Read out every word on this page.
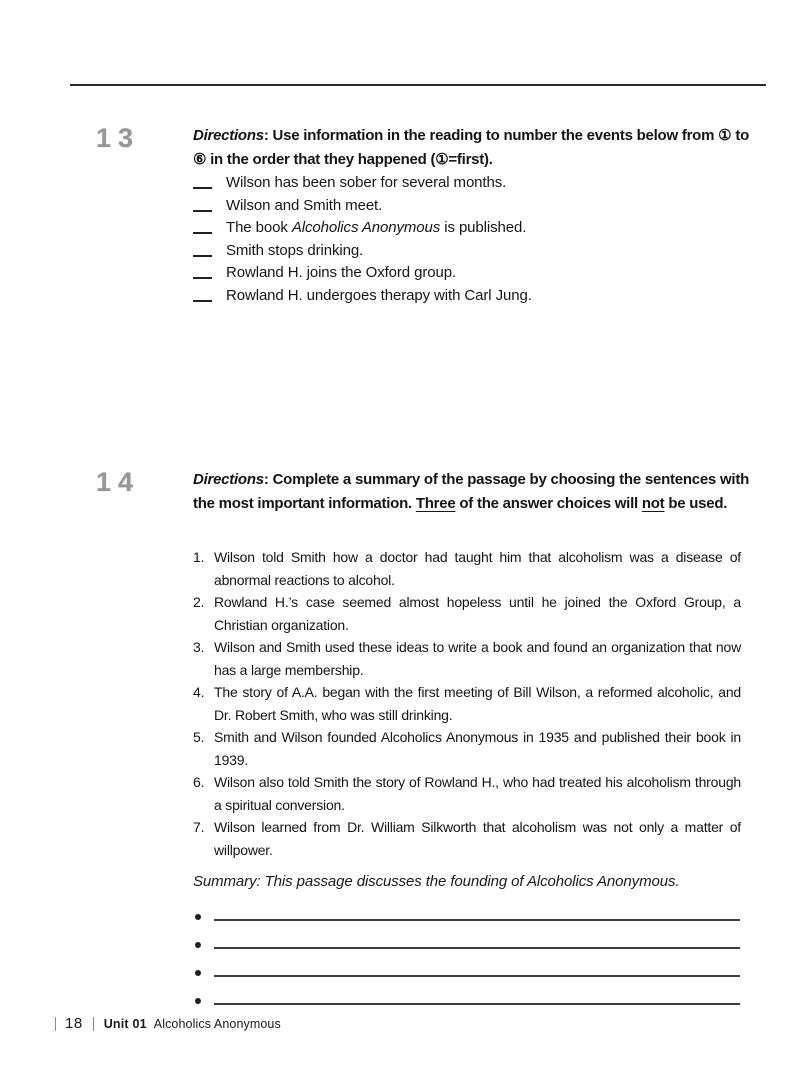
13	Directions: Use information in the reading to number the events below from ① to ⑥ in the order that they happened (①=first).
Wilson has been sober for several months.
Wilson and Smith meet.
The book Alcoholics Anonymous is published.
Smith stops drinking.
Rowland H. joins the Oxford group.
Rowland H. undergoes therapy with Carl Jung.
14	Directions: Complete a summary of the passage by choosing the sentences with the most important information. Three of the answer choices will not be used.
1. Wilson told Smith how a doctor had taught him that alcoholism was a disease of abnormal reactions to alcohol.
2. Rowland H.’s case seemed almost hopeless until he joined the Oxford Group, a Christian organization.
3. Wilson and Smith used these ideas to write a book and found an organization that now has a large membership.
4. The story of A.A. began with the first meeting of Bill Wilson, a reformed alcoholic, and Dr. Robert Smith, who was still drinking.
5. Smith and Wilson founded Alcoholics Anonymous in 1935 and published their book in 1939.
6. Wilson also told Smith the story of Rowland H., who had treated his alcoholism through a spiritual conversion.
7. Wilson learned from Dr. William Silkworth that alcoholism was not only a matter of willpower.
Summary: This passage discusses the founding of Alcoholics Anonymous.
18 Unit 01 Alcoholics Anonymous
